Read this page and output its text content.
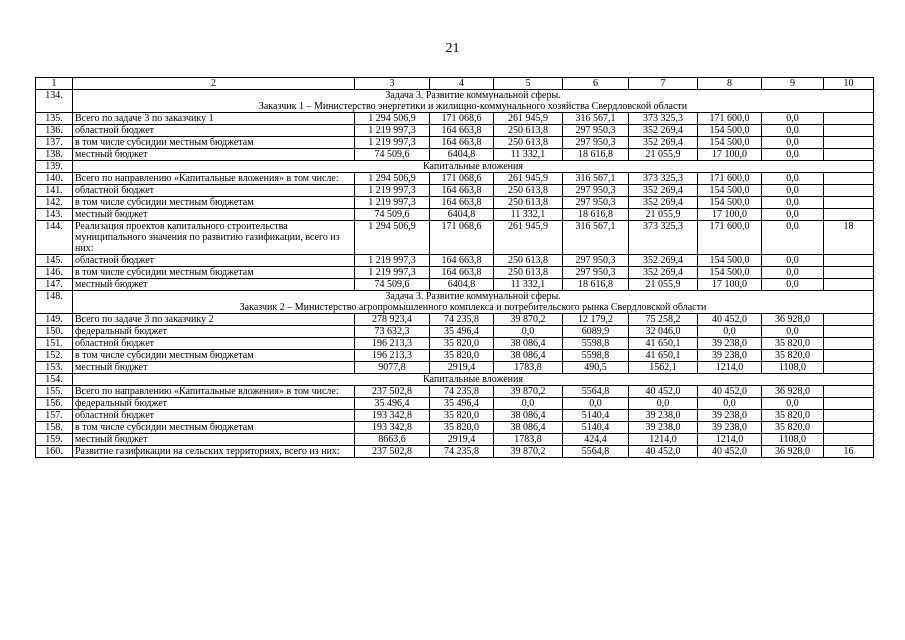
21
1	2	3	4	5	6	7	8	9	10
134.	Задача 3. Развитие коммунальной сферы.
Заказчик 1 – Министерство энергетики и жилищно-коммунального хозяйства Свердловской области								

135.	Всего по задаче 3 по заказчику 1	1 294 506,9	171 068,6	261 945,9	316 567,1	373 325,3	171 600,0	0,0	
136.	областной бюджет	1 219 997,3	164 663,8	250 613,8	297 950,3	352 269,4	154 500,0	0,0	
137.	в том числе субсидии местным бюджетам	1 219 997,3	164 663,8	250 613,8	297 950,3	352 269,4	154 500,0	0,0	
138.	местный бюджет	74 509,6	6404,8	11 332,1	18 616,8	21 055,9	17 100,0	0,0	
139.	Капитальные вложения								

140.	Всего по направлению «Капитальные вложения» в том числе:	1 294 506,9	171 068,6	261 945,9	316 567,1	373 325,3	171 600,0	0,0	
141.	областной бюджет	1 219 997,3	164 663,8	250 613,8	297 950,3	352 269,4	154 500,0	0,0	
142.	в том числе субсидии местным бюджетам	1 219 997,3	164 663,8	250 613,8	297 950,3	352 269,4	154 500,0	0,0	
143.	местный бюджет	74 509,6	6404,8	11 332,1	18 616,8	21 055,9	17 100,0	0,0	
144.	Реализация проектов капитального строительства муниципального значения по развитию газификации, всего из них:	1 294 506,9	171 068,6	261 945,9	316 567,1	373 325,3	171 600,0	0,0	18
145.	областной бюджет	1 219 997,3	164 663,8	250 613,8	297 950,3	352 269,4	154 500,0	0,0	
146.	в том числе субсидии местным бюджетам	1 219 997,3	164 663,8	250 613,8	297 950,3	352 269,4	154 500,0	0,0	
147.	местный бюджет	74 509,6	6404,8	11 332,1	18 616,8	21 055,9	17 100,0	0,0	
148.	Задача 3. Развитие коммунальной сферы.
Заказчик 2 – Министерство агропромышленного комплекса и потребительского рынка Свердловской области								

149.	Всего по задаче 3 по заказчику 2	278 923,4	74 235,8	39 870,2	12 179,2	75 258,2	40 452,0	36 928,0	
150.	федеральный бюджет	73 632,3	35 496,4	0,0	6089,9	32 046,0	0,0	0,0	
151.	областной бюджет	196 213,3	35 820,0	38 086,4	5598,8	41 650,1	39 238,0	35 820,0	
152.	в том числе субсидии местным бюджетам	196 213,3	35 820,0	38 086,4	5598,8	41 650,1	39 238,0	35 820,0	
153.	местный бюджет	9077,8	2919,4	1783,8	490,5	1562,1	1214,0	1108,0	
154.	Капитальные вложения								

155.	Всего по направлению «Капитальные вложения» в том числе:	237 502,8	74 235,8	39 870,2	5564,8	40 452,0	40 452,0	36 928,0	
156.	федеральный бюджет	35 496,4	35 496,4	0,0	0,0	0,0	0,0	0,0	
157.	областной бюджет	193 342,8	35 820,0	38 086,4	5140,4	39 238,0	39 238,0	35 820,0	
158.	в том числе субсидии местным бюджетам	193 342,8	35 820,0	38 086,4	5140,4	39 238,0	39 238,0	35 820,0	
159.	местный бюджет	8663,6	2919,4	1783,8	424,4	1214,0	1214,0	1108,0	
160.	Развитие газификации на сельских территориях, всего из них:	237 502,8	74 235,8	39 870,2	5564,8	40 452,0	40 452,0	36 928,0	16
